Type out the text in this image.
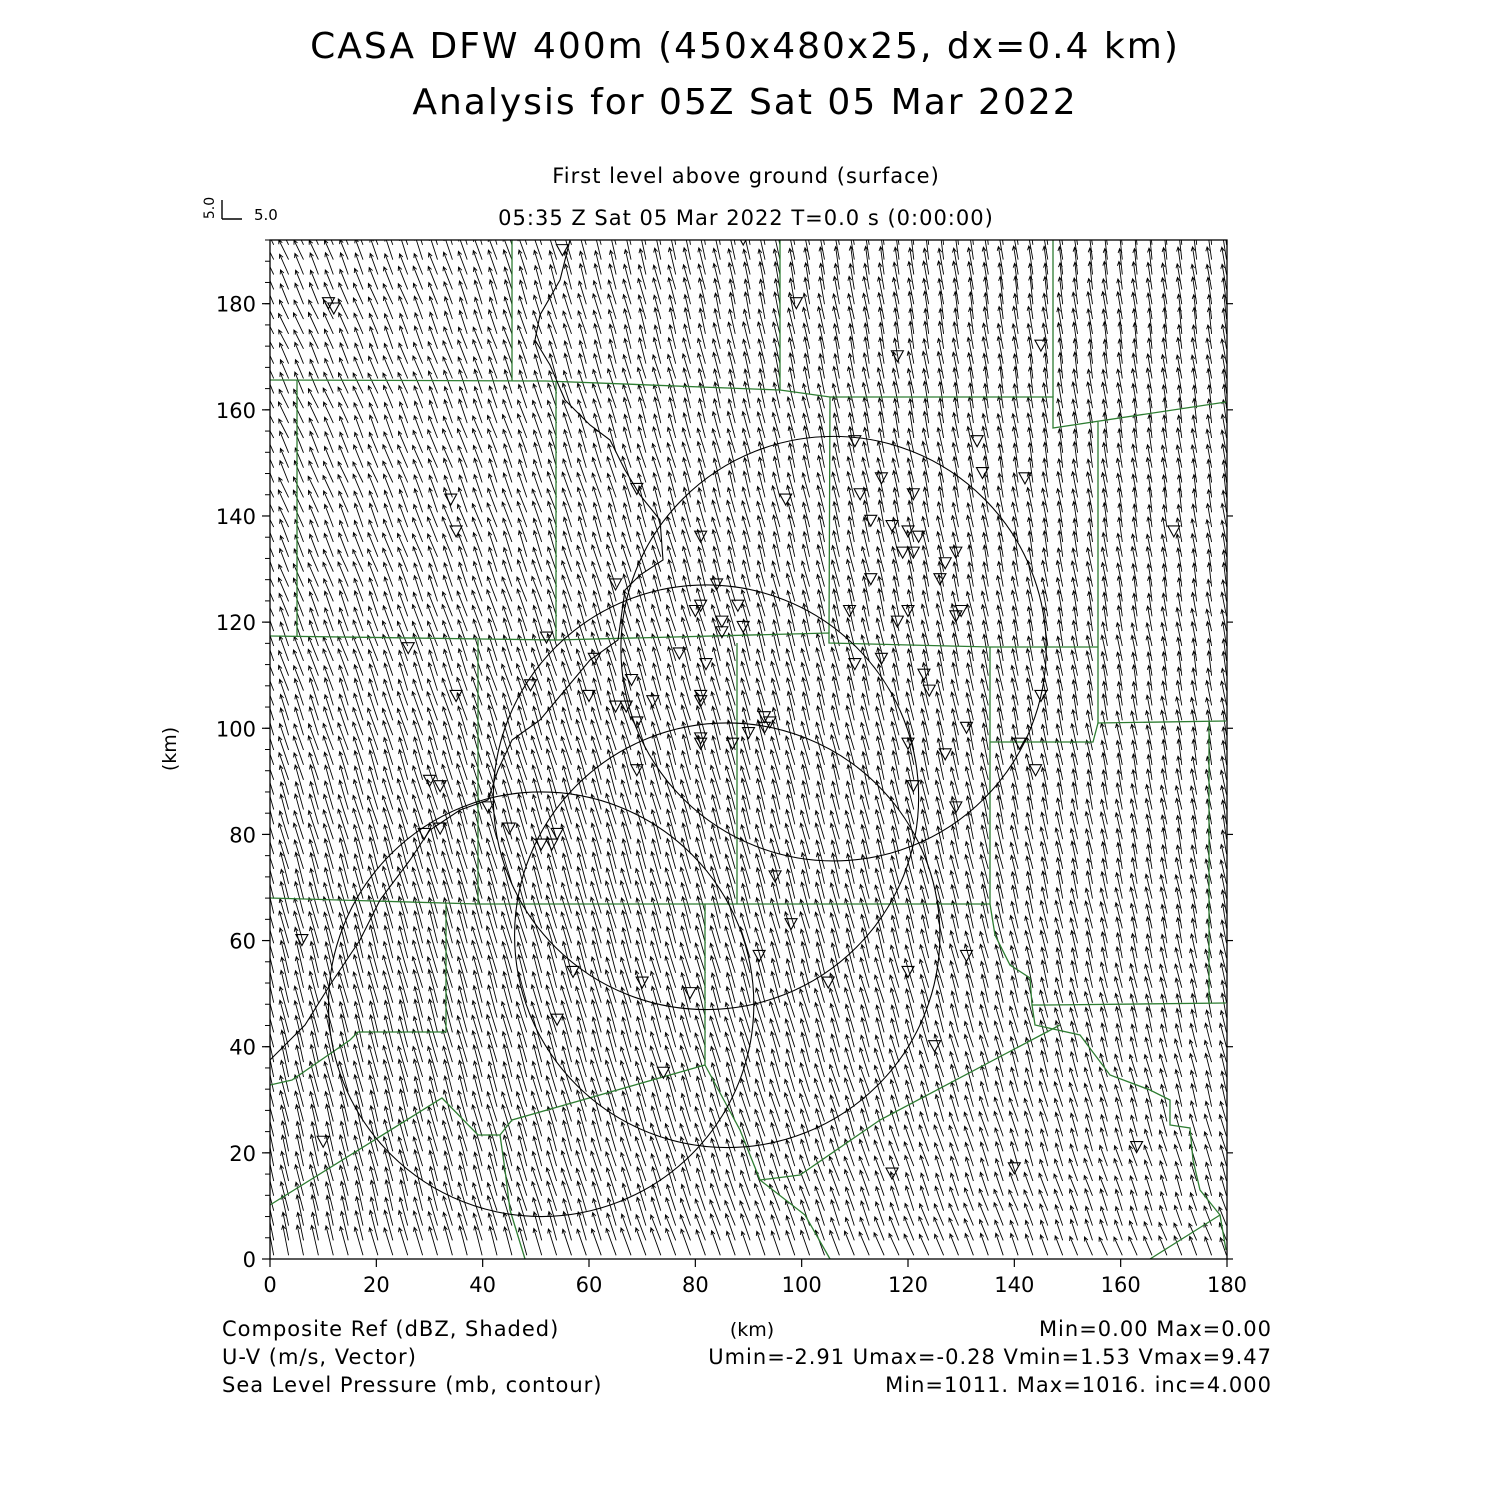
CASA DFW 400m (450x480x25, dx=0.4 km)
Analysis for 05Z Sat 05 Mar 2022
First level above ground (surface)
05:35 Z Sat 05 Mar 2022 T=0.0 s (0:00:00)
5.0 5.0
0	20	40	60	80	100	120	140	160	180
0
20
40
60
80
100
120
140
160
180
(km)
Composite Ref (dBZ, Shaded)	(km)	Min=0.00 Max=0.00
U-V (m/s, Vector)	Umin=-2.91 Umax=-0.28 Vmin=1.53 Vmax=9.47
Sea Level Pressure (mb, contour)	Min=1011. Max=1016. inc=4.000
